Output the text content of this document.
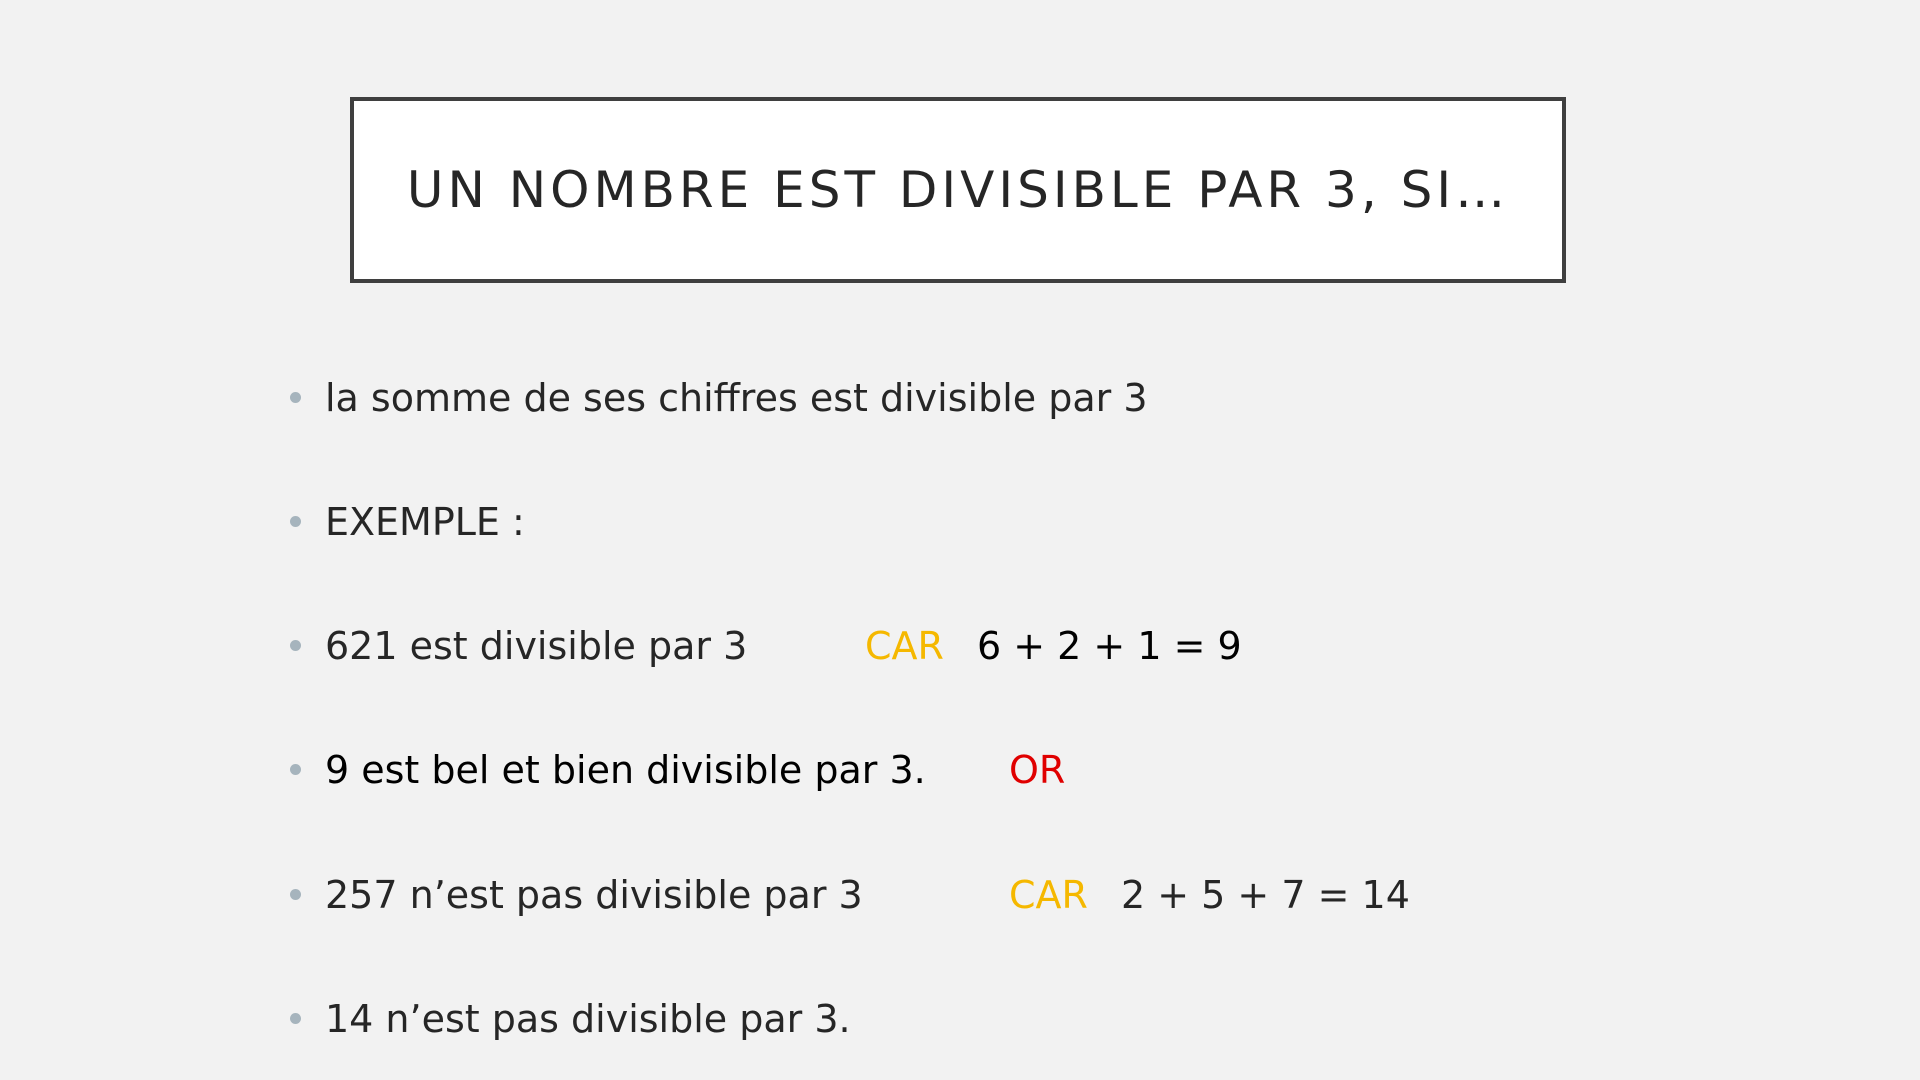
UN NOMBRE EST DIVISIBLE PAR 3, SI…
la somme de ses chiffres est divisible par 3
EXEMPLE :
621 est divisible par 3	CAR 6 + 2 + 1 = 9
9 est bel et bien divisible par 3. OR
257 n’est pas divisible par 3	CAR 2 + 5 + 7 = 14
14 n’est pas divisible par 3.
